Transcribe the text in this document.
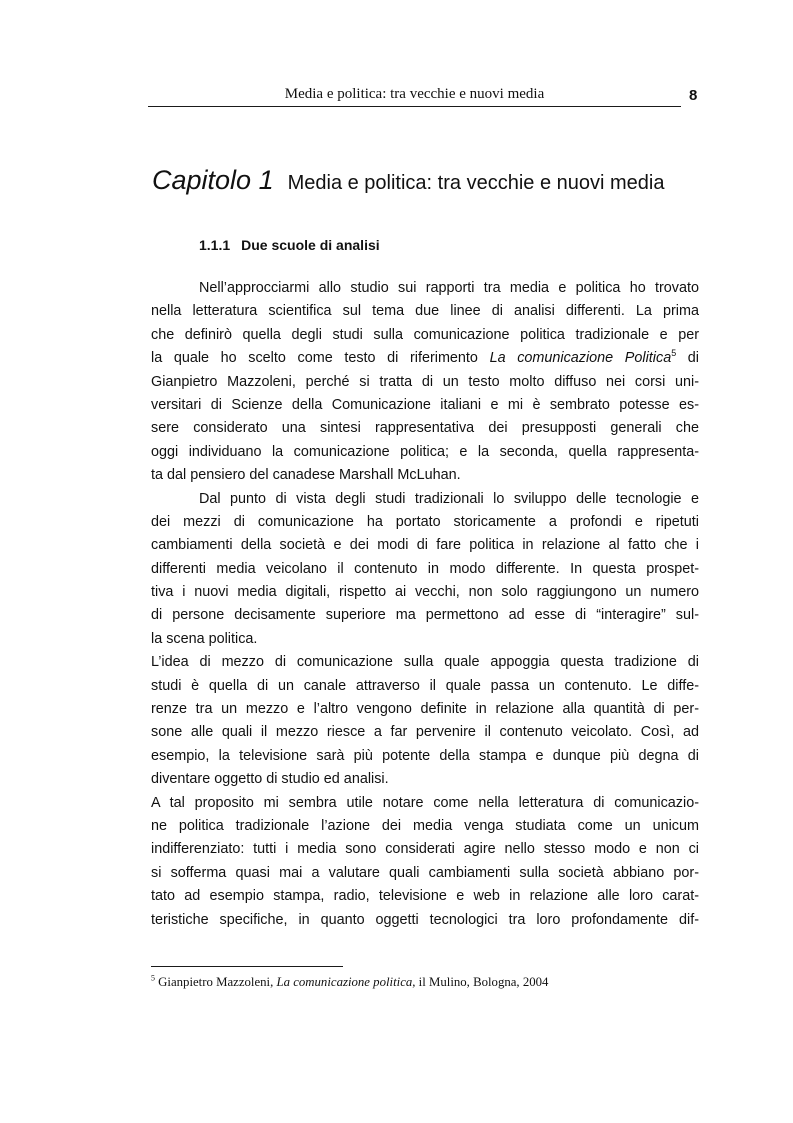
Media e politica: tra vecchie e nuovi media	8
Capitolo 1 Media e politica: tra vecchie e nuovi media
1.1.1 Due scuole di analisi
Nell’approcciarmi allo studio sui rapporti tra media e politica ho trovato
nella letteratura scientifica sul tema due linee di analisi differenti. La prima
che definirò quella degli studi sulla comunicazione politica tradizionale e per
la quale ho scelto come testo di riferimento La comunicazione Politica$^5$ di
Gianpietro Mazzoleni, perché si tratta di un testo molto diffuso nei corsi uni-
versitari di Scienze della Comunicazione italiani e mi è sembrato potesse es-
sere considerato una sintesi rappresentativa dei presupposti generali che
oggi individuano la comunicazione politica; e la seconda, quella rappresenta-
ta dal pensiero del canadese Marshall McLuhan.
Dal punto di vista degli studi tradizionali lo sviluppo delle tecnologie e
dei mezzi di comunicazione ha portato storicamente a profondi e ripetuti
cambiamenti della società e dei modi di fare politica in relazione al fatto che i
differenti media veicolano il contenuto in modo differente. In questa prospet-
tiva i nuovi media digitali, rispetto ai vecchi, non solo raggiungono un numero
di persone decisamente superiore ma permettono ad esse di “interagire” sul-
la scena politica.
L’idea di mezzo di comunicazione sulla quale appoggia questa tradizione di
studi è quella di un canale attraverso il quale passa un contenuto. Le diffe-
renze tra un mezzo e l’altro vengono definite in relazione alla quantità di per-
sone alle quali il mezzo riesce a far pervenire il contenuto veicolato. Così, ad
esempio, la televisione sarà più potente della stampa e dunque più degna di
diventare oggetto di studio ed analisi.
A tal proposito mi sembra utile notare come nella letteratura di comunicazio-
ne politica tradizionale l’azione dei media venga studiata come un unicum
indifferenziato: tutti i media sono considerati agire nello stesso modo e non ci
si sofferma quasi mai a valutare quali cambiamenti sulla società abbiano por-
tato ad esempio stampa, radio, televisione e web in relazione alle loro carat-
teristiche specifiche, in quanto oggetti tecnologici tra loro profondamente dif-
$^5$ Gianpietro Mazzoleni, La comunicazione politica, il Mulino, Bologna, 2004
